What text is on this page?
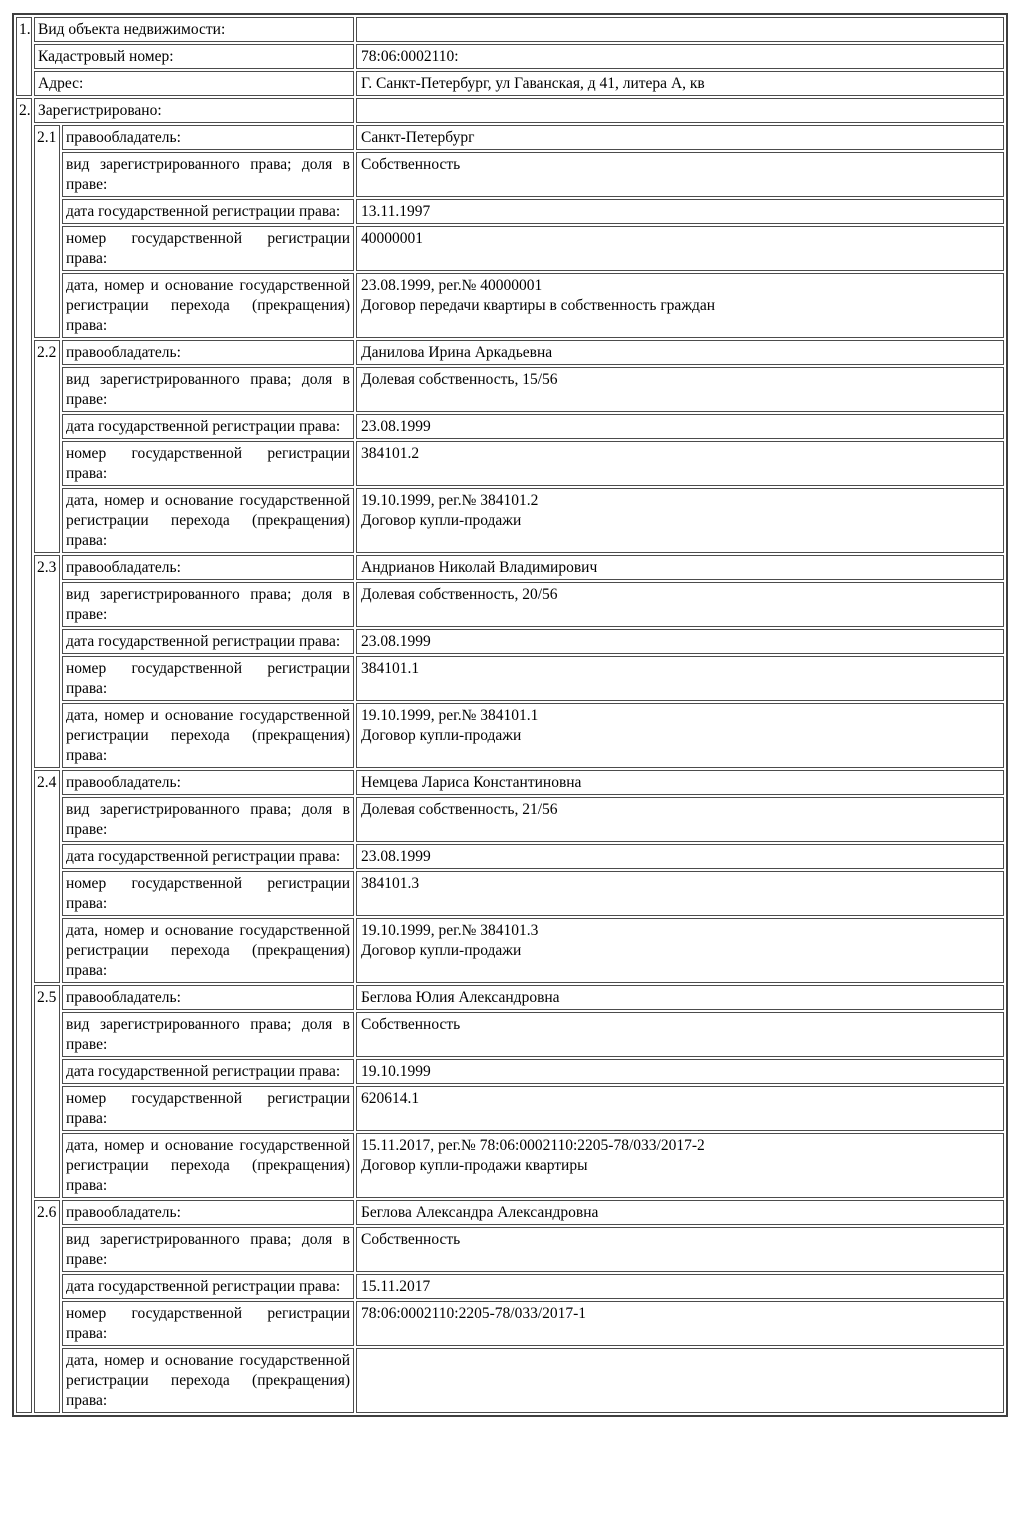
1.	Вид объекта недвижимости:		
	Кадастровый номер:		78:06:0002110:
	Адрес:		Г. Санкт-Петербург, ул Гаванская, д 41, литера А, кв
2.	Зарегистрировано:		
	2.1	правообладатель:	Санкт-Петербург
		вид зарегистрированного права; доля в праве:	Собственность
		дата государственной регистрации права:	13.11.1997
		номер государственной регистрации права:	40000001
		дата, номер и основание государственной регистрации перехода (прекращения) права:	23.08.1999, рег.№ 40000001
Договор передачи квартиры в собственность граждан

	2.2	правообладатель:	Данилова Ирина Аркадьевна
		вид зарегистрированного права; доля в праве:	Долевая собственность, 15/56
		дата государственной регистрации права:	23.08.1999
		номер государственной регистрации права:	384101.2
		дата, номер и основание государственной регистрации перехода (прекращения) права:	19.10.1999, рег.№ 384101.2
Договор купли-продажи

	2.3	правообладатель:	Андрианов Николай Владимирович
		вид зарегистрированного права; доля в праве:	Долевая собственность, 20/56
		дата государственной регистрации права:	23.08.1999
		номер государственной регистрации права:	384101.1
		дата, номер и основание государственной регистрации перехода (прекращения) права:	19.10.1999, рег.№ 384101.1
Договор купли-продажи

	2.4	правообладатель:	Немцева Лариса Константиновна
		вид зарегистрированного права; доля в праве:	Долевая собственность, 21/56
		дата государственной регистрации права:	23.08.1999
		номер государственной регистрации права:	384101.3
		дата, номер и основание государственной регистрации перехода (прекращения) права:	19.10.1999, рег.№ 384101.3
Договор купли-продажи

	2.5	правообладатель:	Беглова Юлия Александровна
		вид зарегистрированного права; доля в праве:	Собственность
		дата государственной регистрации права:	19.10.1999
		номер государственной регистрации права:	620614.1
		дата, номер и основание государственной регистрации перехода (прекращения) права:	15.11.2017, рег.№ 78:06:0002110:2205-78/033/2017-2
Договор купли-продажи квартиры

	2.6	правообладатель:	Беглова Александра Александровна
		вид зарегистрированного права; доля в праве:	Собственность
		дата государственной регистрации права:	15.11.2017
		номер государственной регистрации права:	78:06:0002110:2205-78/033/2017-1
		дата, номер и основание государственной регистрации перехода (прекращения) права:	
